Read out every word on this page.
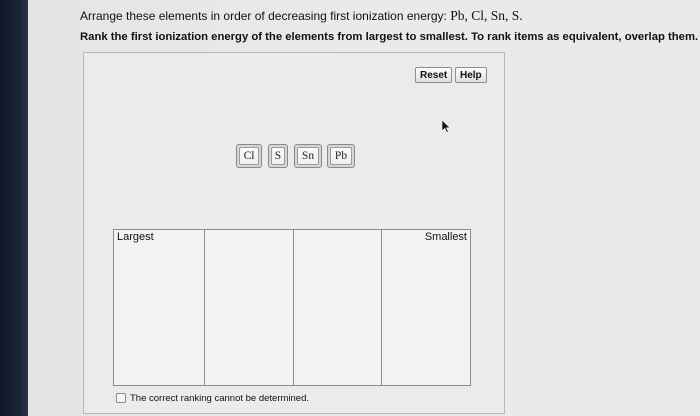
Arrange these elements in order of decreasing first ionization energy: Pb, Cl, Sn, S.
Rank the first ionization energy of the elements from largest to smallest. To rank items as equivalent, overlap them.
Reset	Help
Cl	S	Sn	Pb
Largest	Smallest
The correct ranking cannot be determined.
